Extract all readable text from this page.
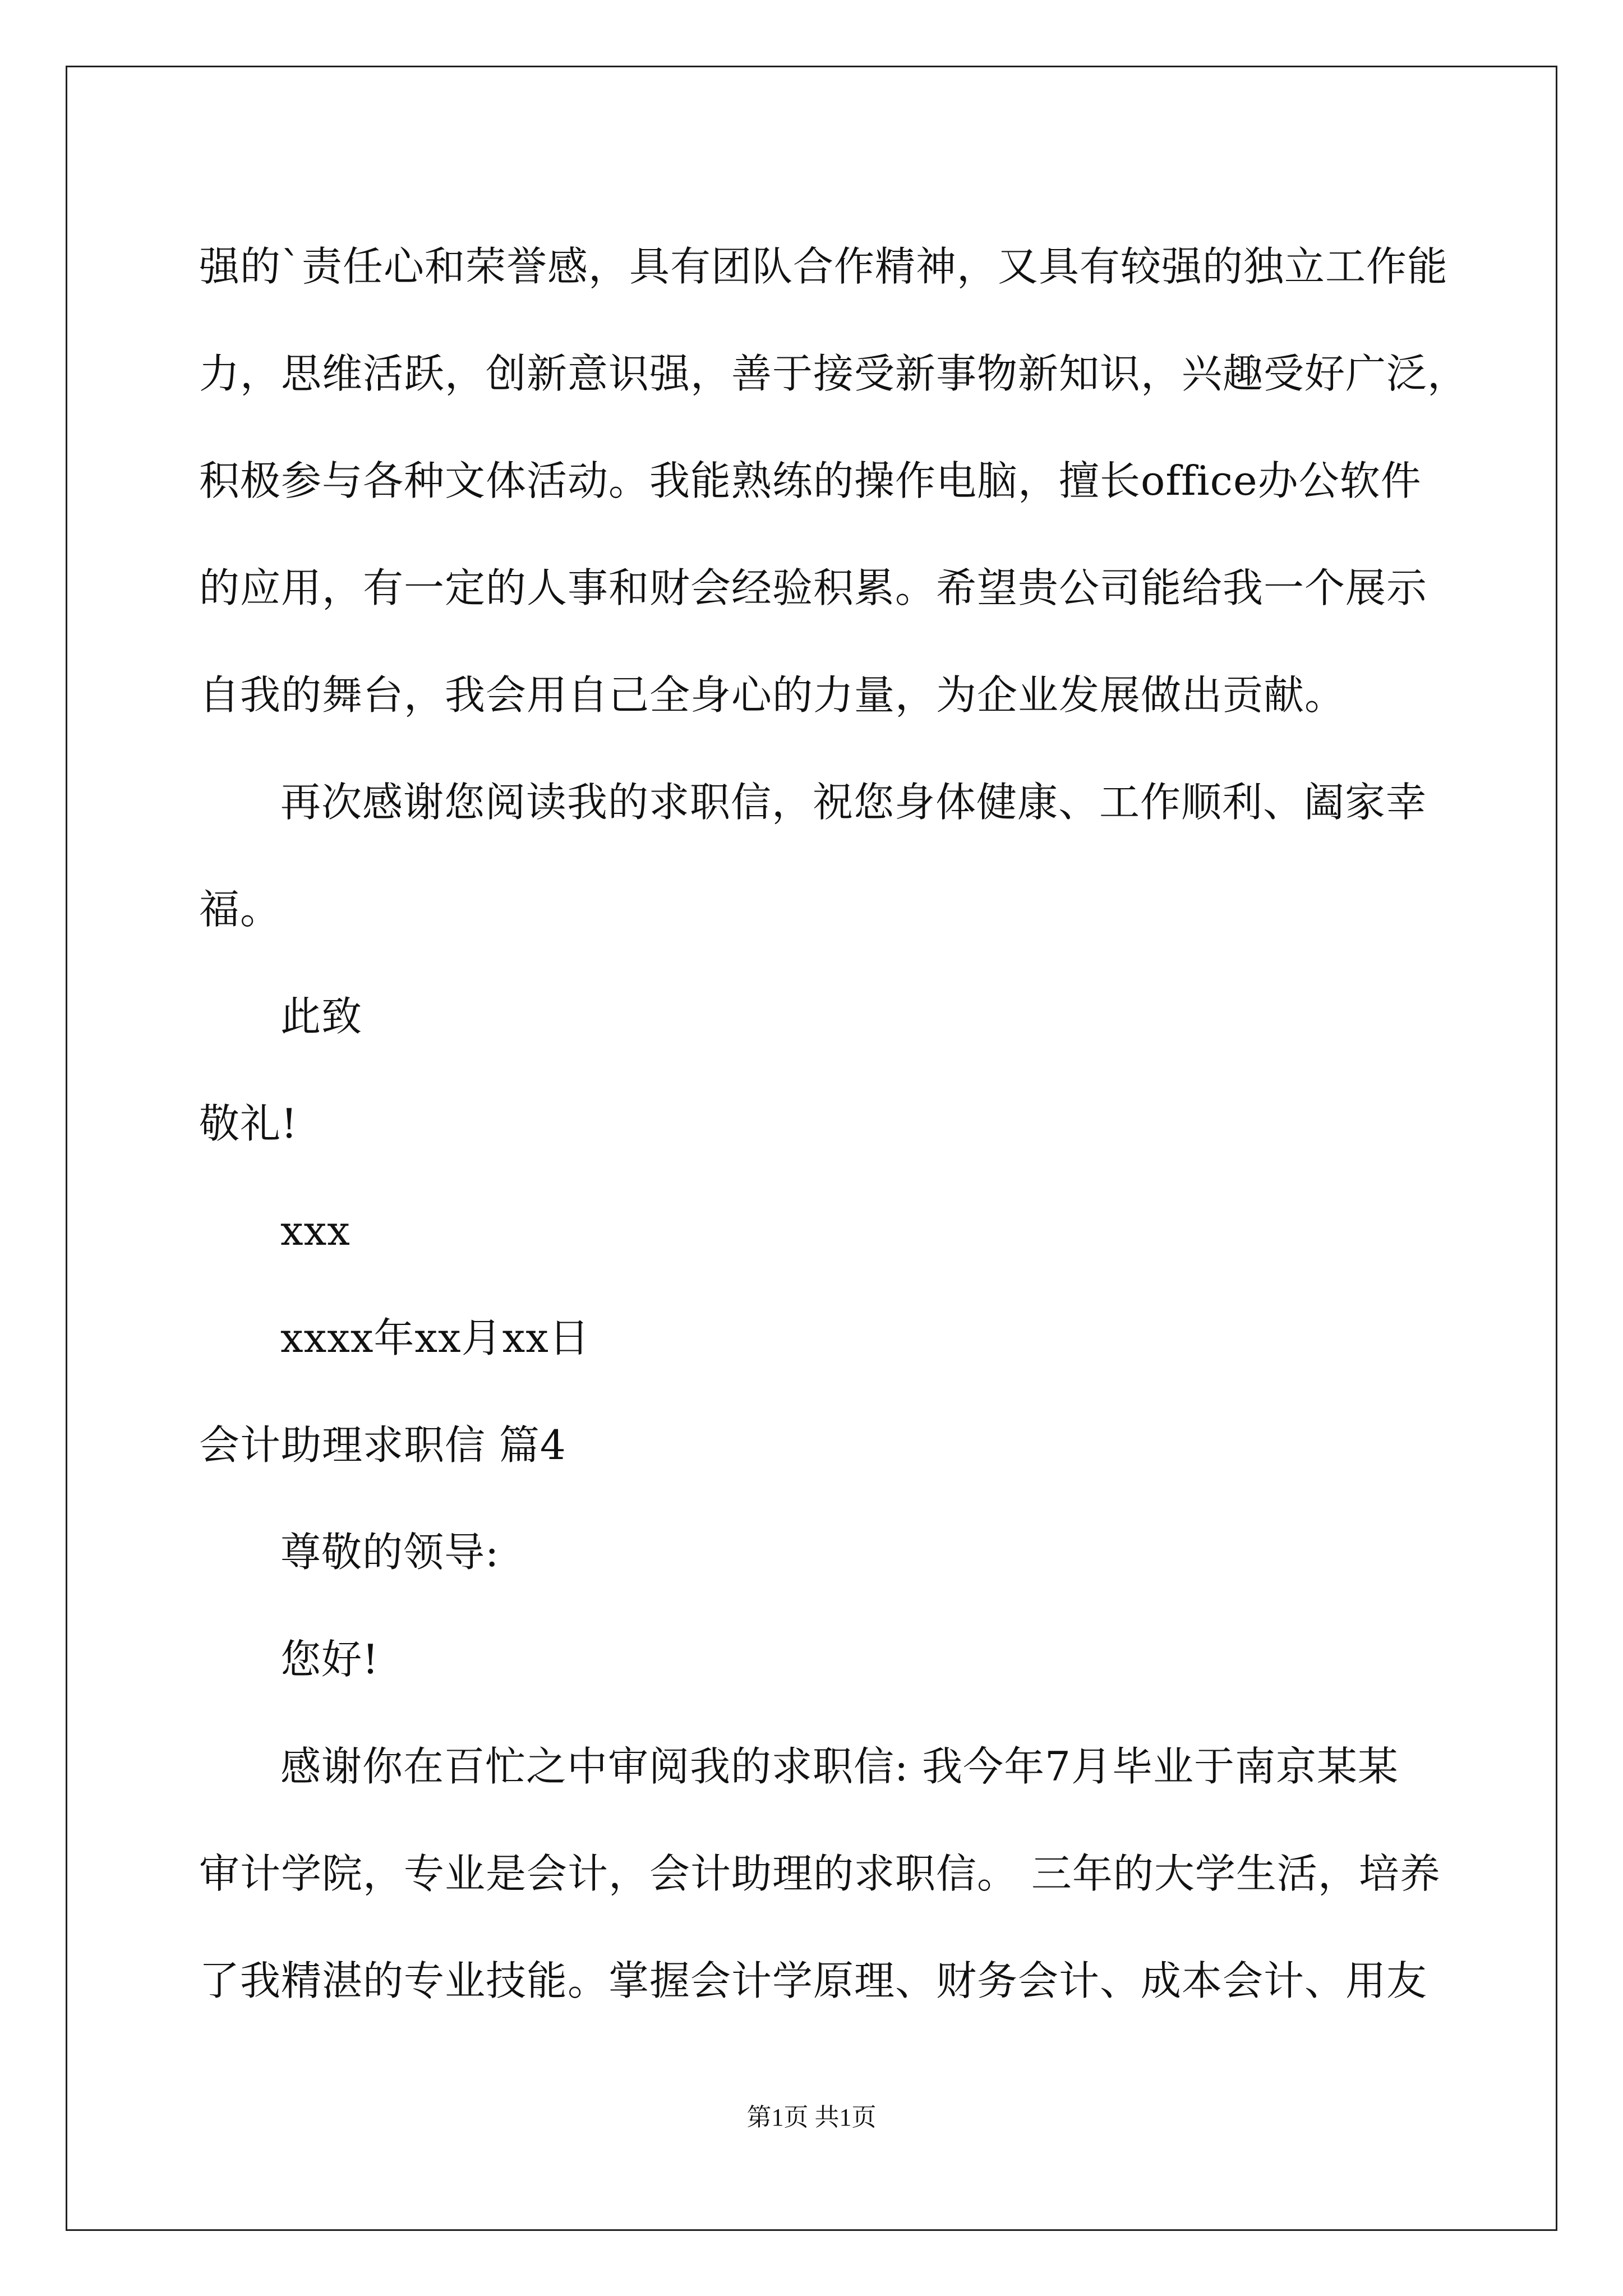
强的`责任心和荣誉感，具有团队合作精神，又具有较强的独立工作能
力，思维活跃，创新意识强，善于接受新事物新知识，兴趣受好广泛，
积极参与各种文体活动。我能熟练的操作电脑，擅长office办公软件
的应用，有一定的人事和财会经验积累。希望贵公司能给我一个展示
自我的舞台，我会用自己全身心的力量，为企业发展做出贡献。
再次感谢您阅读我的求职信，祝您身体健康、工作顺利、阖家幸
福。
此致
敬礼!
xxx
xxxx年xx月xx日
会计助理求职信 篇4
尊敬的领导:
您好!
感谢你在百忙之中审阅我的求职信: 我今年7月毕业于南京某某
审计学院，专业是会计，会计助理的求职信。 三年的大学生活，培养
了我精湛的专业技能。掌握会计学原理、财务会计、成本会计、用友
第1页 共1页
